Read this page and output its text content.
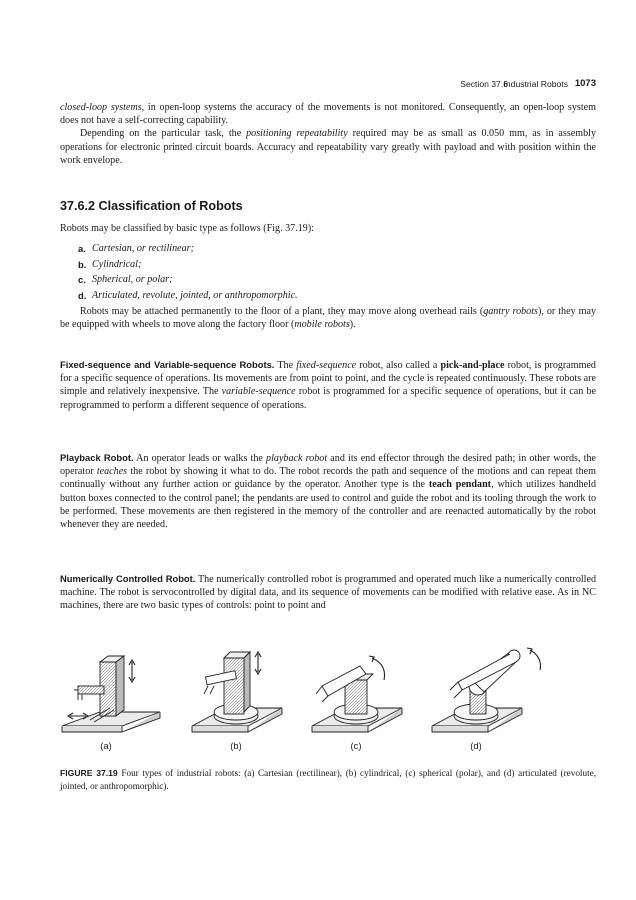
Section 37.6
Industrial Robots 1073

closed-loop systems, in open-loop systems the accuracy of the movements is not monitored. Consequently, an open-loop system does not have a self-correcting capability.

Depending on the particular task, the positioning repeatability required may be as small as 0.050 mm, as in assembly operations for electronic printed circuit boards. Accuracy and repeatability vary greatly with payload and with position within the work envelope.

37.6.2 Classification of Robots

Robots may be classified by basic type as follows (Fig. 37.19):

a. Cartesian, or rectilinear;
b. Cylindrical;
c. Spherical, or polar;
d. Articulated, revolute, jointed, or anthropomorphic.

Robots may be attached permanently to the floor of a plant, they may move along overhead rails (gantry robots), or they may be equipped with wheels to move along the factory floor (mobile robots).

Fixed-sequence and Variable-sequence Robots. The fixed-sequence robot, also called a pick-and-place robot, is programmed for a specific sequence of operations. Its movements are from point to point, and the cycle is repeated continuously. These robots are simple and relatively inexpensive. The variable-sequence robot is programmed for a specific sequence of operations, but it can be reprogrammed to perform a different sequence of operations.

Playback Robot. An operator leads or walks the playback robot and its end effector through the desired path; in other words, the operator teaches the robot by showing it what to do. The robot records the path and sequence of the motions and can repeat them continually without any further action or guidance by the operator. Another type is the teach pendant, which utilizes handheld button boxes connected to the control panel; the pendants are used to control and guide the robot and its tooling through the work to be performed. These movements are then registered in the memory of the controller and are reenacted automatically by the robot whenever they are needed.

Numerically Controlled Robot. The numerically controlled robot is programmed and operated much like a numerically controlled machine. The robot is servocontrolled by digital data, and its sequence of movements can be modified with relative ease. As in NC machines, there are two basic types of controls: point to point and

(a)	(b)	(c)	(d)
FIGURE 37.19 Four types of industrial robots: (a) Cartesian (rectilinear), (b) cylindrical, (c) spherical (polar), and (d) articulated (revolute, jointed, or anthropomorphic).
